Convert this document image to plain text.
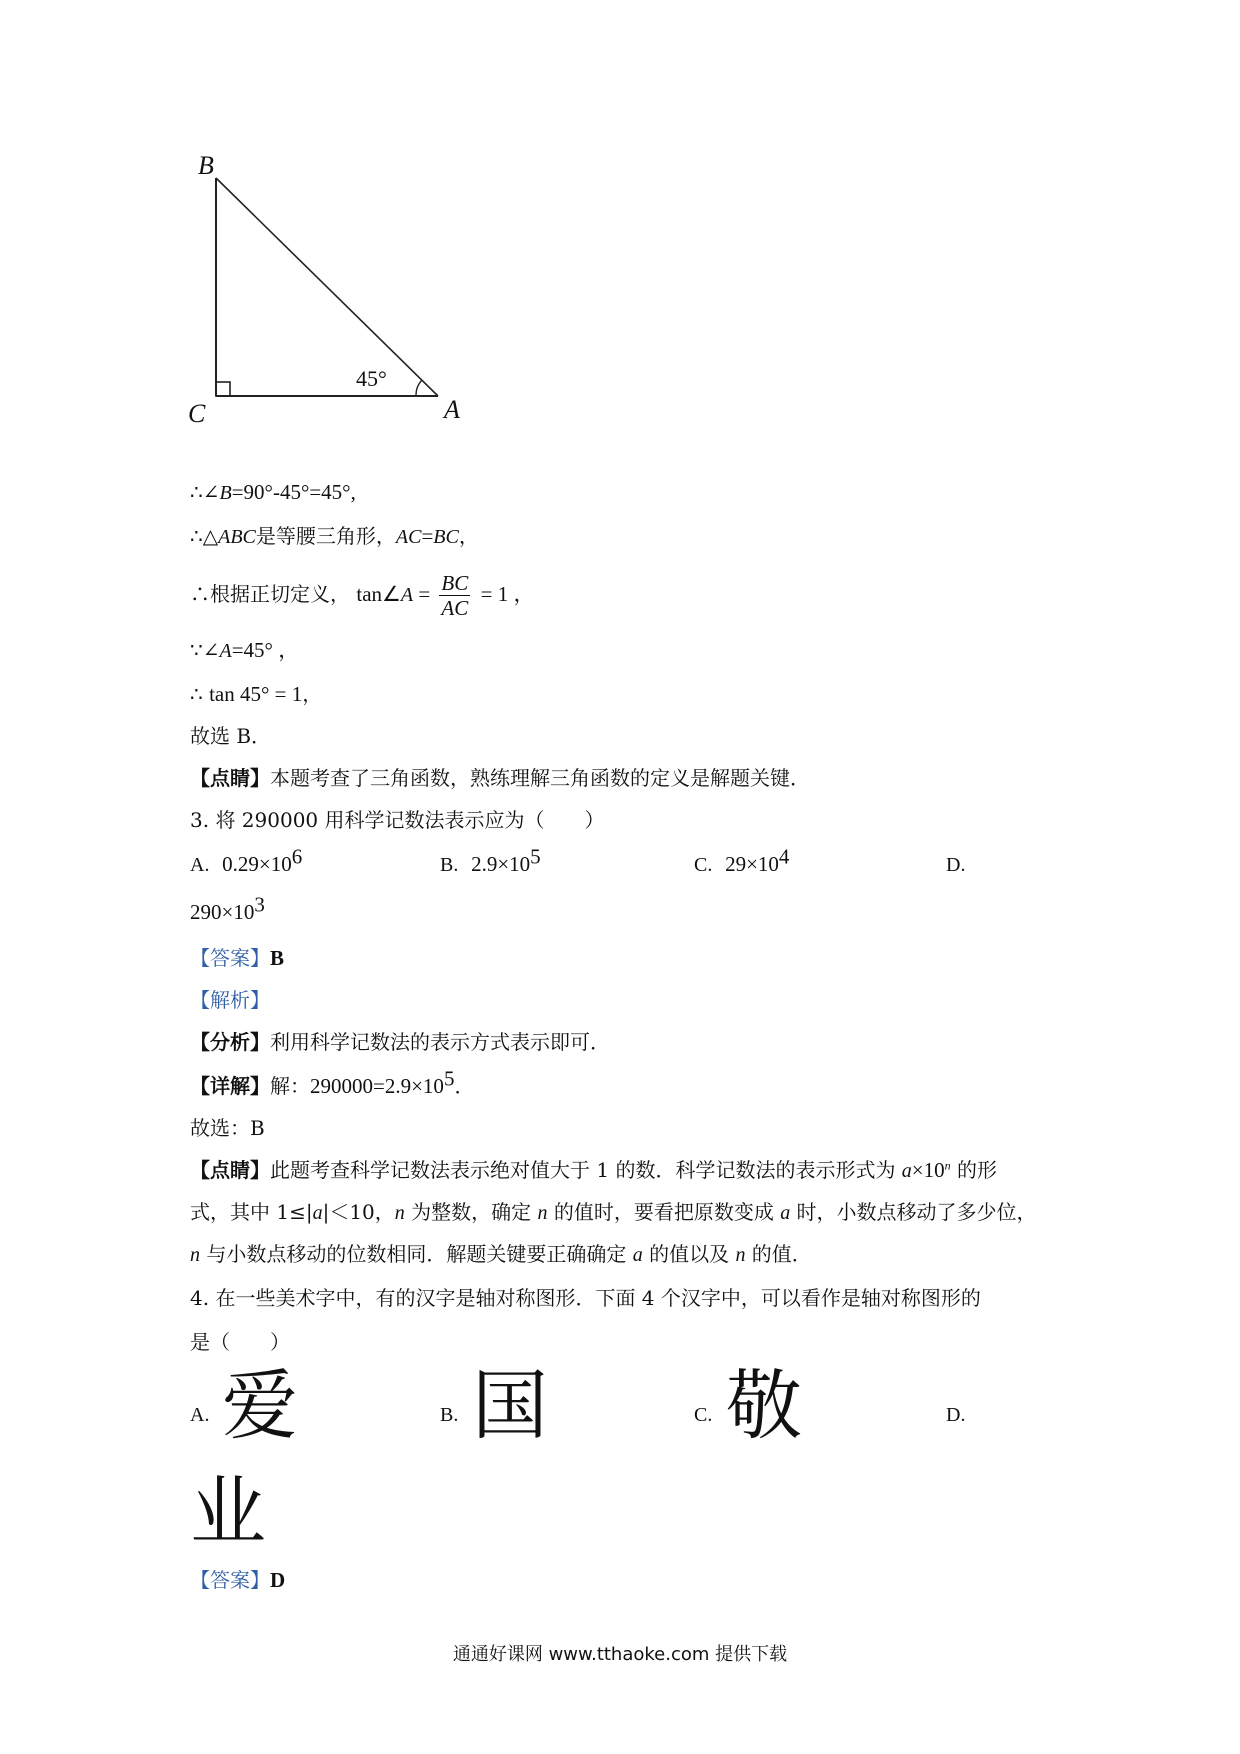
B
C	A
45°
∴∠B=90°-45°=45°,
∴△ABC是等腰三角形，AC=BC，
∴根据正切定义， tan∠A = $\frac{BC}{AC} = 1$ ，
∵∠A=45° ，
∴ tan 45° = 1，
故选 B．
【点睛】本题考查了三角函数，熟练理解三角函数的定义是解题关键．
3. 将 290000 用科学记数法表示应为（　　）
A. $0.29\times 10^6$	B. $2.9\times 10^5$	C. $29\times 10^4$	D.
$290\times 10^3$
【答案】B
【解析】
【分析】利用科学记数法的表示方式表示即可．
【详解】解：$290000=2.9\times 10^5$．
故选：B
【点睛】此题考查科学记数法表示绝对值大于 1 的数．科学记数法的表示形式为 $a\times 10^n$ 的形
式，其中 1≤|a|＜10，n 为整数，确定 n 的值时，要看把原数变成 a 时，小数点移动了多少位，
n 与小数点移动的位数相同．解题关键要正确确定 a 的值以及 n 的值．
4. 在一些美术字中，有的汉字是轴对称图形．下面 4 个汉字中，可以看作是轴对称图形的
是（　　）
A. 爱	B. 国	C. 敬	D.
业
【答案】D
通通好课网 www.tthaoke.com 提供下载
